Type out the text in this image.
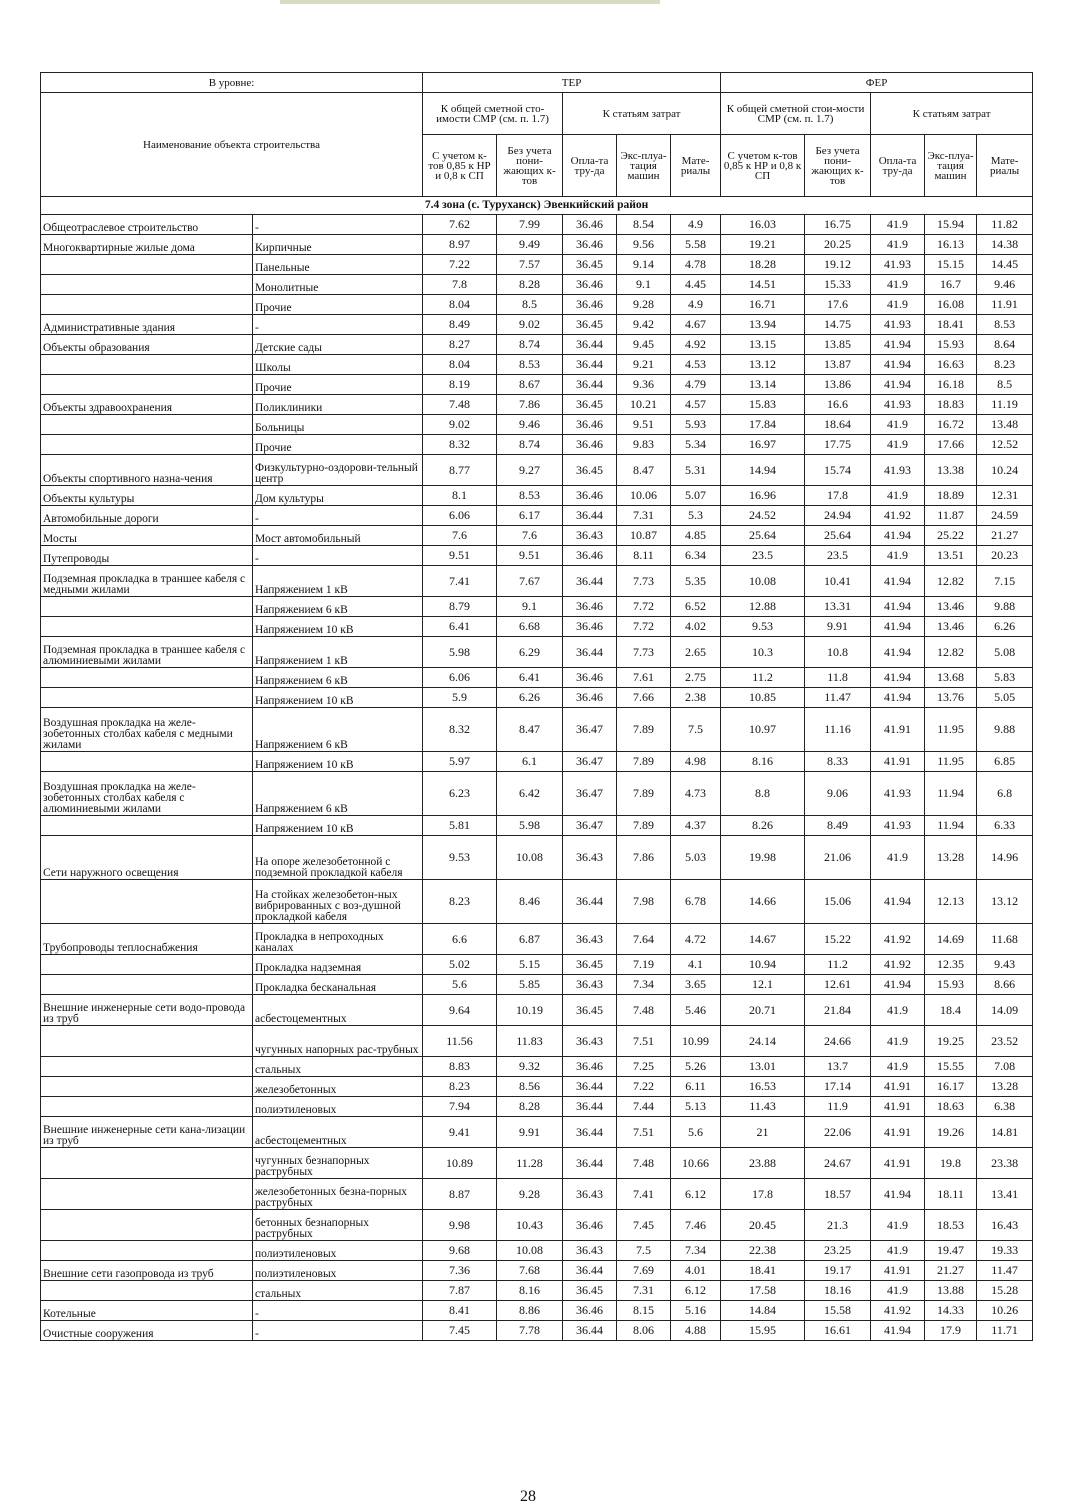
В уровне:		ТЕР					ФЕР				
Наименование объекта строительства		К общей сметной сто-имости СМР (см. п. 1.7)		К статьям затрат			К общей сметной стои-мости СМР (см. п. 1.7)		К статьям затрат		
		С учетом к-тов 0,85 к НР и 0,8 к СП	Без учета пони-жающих к-тов	Опла-та тру-да	Экс-плуа-тация машин	Мате-риалы	С учетом к-тов 0,85 к НР и 0,8 к СП	Без учета пони-жающих к-тов	Опла-та тру-да	Экс-плуа-тация машин	Мате-риалы
7.4 зона (с. Туруханск) Эвенкийский район											
Общеотраслевое строительство	-	7.62	7.99	36.46	8.54	4.9	16.03	16.75	41.9	15.94	11.82
Многоквартирные жилые дома	Кирпичные	8.97	9.49	36.46	9.56	5.58	19.21	20.25	41.9	16.13	14.38
	Панельные	7.22	7.57	36.45	9.14	4.78	18.28	19.12	41.93	15.15	14.45
	Монолитные	7.8	8.28	36.46	9.1	4.45	14.51	15.33	41.9	16.7	9.46
	Прочие	8.04	8.5	36.46	9.28	4.9	16.71	17.6	41.9	16.08	11.91
Административные здания	-	8.49	9.02	36.45	9.42	4.67	13.94	14.75	41.93	18.41	8.53
Объекты образования	Детские сады	8.27	8.74	36.44	9.45	4.92	13.15	13.85	41.94	15.93	8.64
	Школы	8.04	8.53	36.44	9.21	4.53	13.12	13.87	41.94	16.63	8.23
	Прочие	8.19	8.67	36.44	9.36	4.79	13.14	13.86	41.94	16.18	8.5
Объекты здравоохранения	Поликлиники	7.48	7.86	36.45	10.21	4.57	15.83	16.6	41.93	18.83	11.19
	Больницы	9.02	9.46	36.46	9.51	5.93	17.84	18.64	41.9	16.72	13.48
	Прочие	8.32	8.74	36.46	9.83	5.34	16.97	17.75	41.9	17.66	12.52
Объекты спортивного назна-чения	Физкультурно-оздорови-тельный центр	8.77	9.27	36.45	8.47	5.31	14.94	15.74	41.93	13.38	10.24
Объекты культуры	Дом культуры	8.1	8.53	36.46	10.06	5.07	16.96	17.8	41.9	18.89	12.31
Автомобильные дороги	-	6.06	6.17	36.44	7.31	5.3	24.52	24.94	41.92	11.87	24.59
Мосты	Мост автомобильный	7.6	7.6	36.43	10.87	4.85	25.64	25.64	41.94	25.22	21.27
Путепроводы	-	9.51	9.51	36.46	8.11	6.34	23.5	23.5	41.9	13.51	20.23
Подземная прокладка в траншее кабеля с медными жилами	Напряжением 1 кВ	7.41	7.67	36.44	7.73	5.35	10.08	10.41	41.94	12.82	7.15
	Напряжением 6 кВ	8.79	9.1	36.46	7.72	6.52	12.88	13.31	41.94	13.46	9.88
	Напряжением 10 кВ	6.41	6.68	36.46	7.72	4.02	9.53	9.91	41.94	13.46	6.26
Подземная прокладка в траншее кабеля с алюминиевыми жилами	Напряжением 1 кВ	5.98	6.29	36.44	7.73	2.65	10.3	10.8	41.94	12.82	5.08
	Напряжением 6 кВ	6.06	6.41	36.46	7.61	2.75	11.2	11.8	41.94	13.68	5.83
	Напряжением 10 кВ	5.9	6.26	36.46	7.66	2.38	10.85	11.47	41.94	13.76	5.05
Воздушная прокладка на желе-зобетонных столбах кабеля с медными жилами	Напряжением 6 кВ	8.32	8.47	36.47	7.89	7.5	10.97	11.16	41.91	11.95	9.88
	Напряжением 10 кВ	5.97	6.1	36.47	7.89	4.98	8.16	8.33	41.91	11.95	6.85
Воздушная прокладка на желе-зобетонных столбах кабеля с алюминиевыми жилами	Напряжением 6 кВ	6.23	6.42	36.47	7.89	4.73	8.8	9.06	41.93	11.94	6.8
	Напряжением 10 кВ	5.81	5.98	36.47	7.89	4.37	8.26	8.49	41.93	11.94	6.33
Сети наружного освещения	На опоре железобетонной с подземной прокладкой кабеля	9.53	10.08	36.43	7.86	5.03	19.98	21.06	41.9	13.28	14.96
	На стойках железобетон-ных вибрированных с воз-душной прокладкой кабеля	8.23	8.46	36.44	7.98	6.78	14.66	15.06	41.94	12.13	13.12
Трубопроводы теплоснабжения	Прокладка в непроходных каналах	6.6	6.87	36.43	7.64	4.72	14.67	15.22	41.92	14.69	11.68
	Прокладка надземная	5.02	5.15	36.45	7.19	4.1	10.94	11.2	41.92	12.35	9.43
	Прокладка бесканальная	5.6	5.85	36.43	7.34	3.65	12.1	12.61	41.94	15.93	8.66
Внешние инженерные сети водо-провода из труб	асбестоцементных	9.64	10.19	36.45	7.48	5.46	20.71	21.84	41.9	18.4	14.09
	чугунных напорных рас-трубных	11.56	11.83	36.43	7.51	10.99	24.14	24.66	41.9	19.25	23.52
	стальных	8.83	9.32	36.46	7.25	5.26	13.01	13.7	41.9	15.55	7.08
	железобетонных	8.23	8.56	36.44	7.22	6.11	16.53	17.14	41.91	16.17	13.28
	полиэтиленовых	7.94	8.28	36.44	7.44	5.13	11.43	11.9	41.91	18.63	6.38
Внешние инженерные сети кана-лизации из труб	асбестоцементных	9.41	9.91	36.44	7.51	5.6	21	22.06	41.91	19.26	14.81
	чугунных безнапорных раструбных	10.89	11.28	36.44	7.48	10.66	23.88	24.67	41.91	19.8	23.38
	железобетонных безна-порных раструбных	8.87	9.28	36.43	7.41	6.12	17.8	18.57	41.94	18.11	13.41
	бетонных безнапорных раструбных	9.98	10.43	36.46	7.45	7.46	20.45	21.3	41.9	18.53	16.43
	полиэтиленовых	9.68	10.08	36.43	7.5	7.34	22.38	23.25	41.9	19.47	19.33
Внешние сети газопровода из труб	полиэтиленовых	7.36	7.68	36.44	7.69	4.01	18.41	19.17	41.91	21.27	11.47
	стальных	7.87	8.16	36.45	7.31	6.12	17.58	18.16	41.9	13.88	15.28
Котельные	-	8.41	8.86	36.46	8.15	5.16	14.84	15.58	41.92	14.33	10.26
Очистные сооружения	-	7.45	7.78	36.44	8.06	4.88	15.95	16.61	41.94	17.9	11.71
28
